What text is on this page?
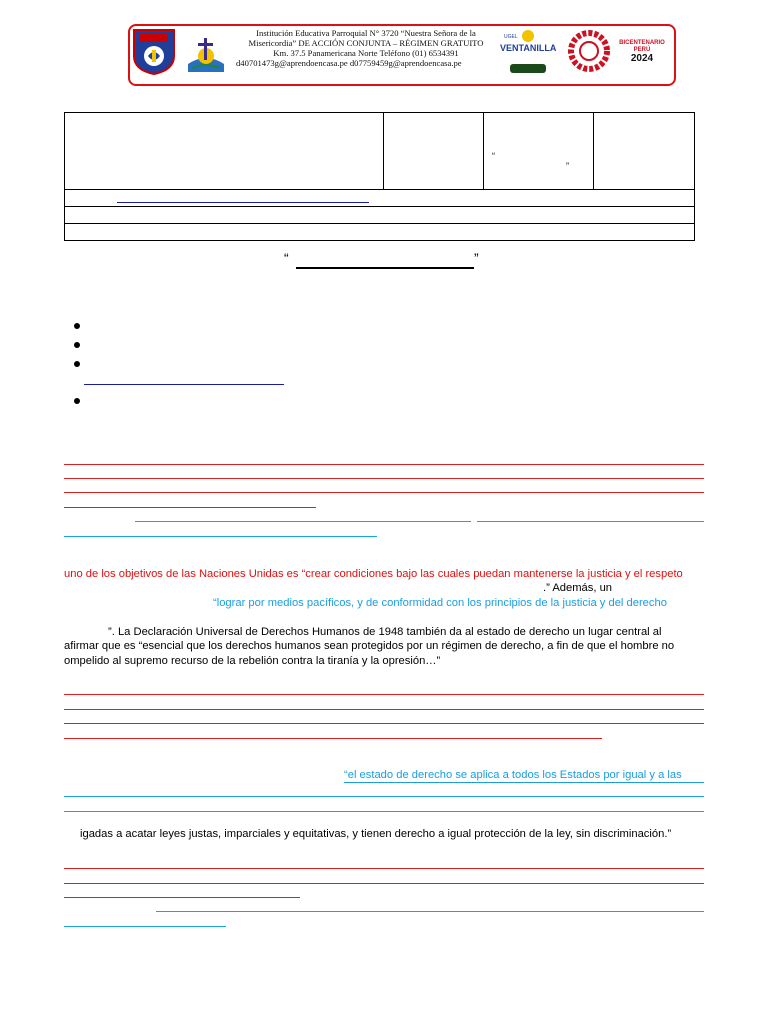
Institución Educativa Parroquial N° 3720 “Nuestra Señora de la
Misericordia” DE ACCIÓN CONJUNTA – RÉGIMEN GRATUITO
Km. 37.5 Panamericana Norte Teléfono (01) 6534391
d40701473g@aprendoencasa.pe d07759459g@aprendoencasa.pe
UGEL
VENTANILLA	BICENTENARIO
PERÚ
2024

“
”

“	”
uno de los objetivos de las Naciones Unidas es “crear condiciones bajo las cuales puedan mantenerse la justicia y el respeto
.” Además, un
“lograr por medios pacíficos, y de conformidad con los principios de la justicia y del derecho
”. La Declaración Universal de Derechos Humanos de 1948 también da al estado de derecho un lugar central al
afirmar que es “esencial que los derechos humanos sean protegidos por un régimen de derecho, a fin de que el hombre no
ompelido al supremo recurso de la rebelión contra la tiranía y la opresión…”
“el estado de derecho se aplica a todos los Estados por igual y a las
igadas a acatar leyes justas, imparciales y equitativas, y tienen derecho a igual protección de la ley, sin discriminación.”
